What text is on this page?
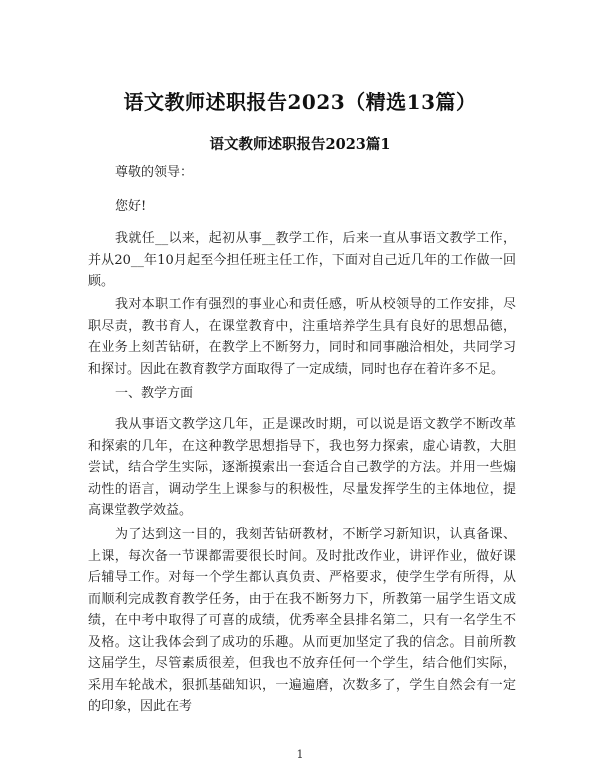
语文教师述职报告2023（精选13篇）
语文教师述职报告2023篇1

尊敬的领导：

您好!

我就任__以来，起初从事__教学工作，后来一直从事语文教学工作，并从20__年10月起至今担任班主任工作，下面对自己近几年的工作做一回顾。

我对本职工作有强烈的事业心和责任感，听从校领导的工作安排，尽职尽责，教书育人，在课堂教育中，注重培养学生具有良好的思想品德，在业务上刻苦钻研，在教学上不断努力，同时和同事融洽相处，共同学习和探讨。因此在教育教学方面取得了一定成绩，同时也存在着许多不足。

一、教学方面

我从事语文教学这几年，正是课改时期，可以说是语文教学不断改革和探索的几年，在这种教学思想指导下，我也努力探索，虚心请教，大胆尝试，结合学生实际，逐渐摸索出一套适合自己教学的方法。并用一些煽动性的语言，调动学生上课参与的积极性，尽量发挥学生的主体地位，提高课堂教学效益。

为了达到这一目的，我刻苦钻研教材，不断学习新知识，认真备课、上课，每次备一节课都需要很长时间。及时批改作业，讲评作业，做好课后辅导工作。对每一个学生都认真负责、严格要求，使学生学有所得，从而顺利完成教育教学任务，由于在我不断努力下，所教第一届学生语文成绩，在中考中取得了可喜的成绩，优秀率全县排名第二，只有一名学生不及格。这让我体会到了成功的乐趣。从而更加坚定了我的信念。目前所教这届学生，尽管素质很差，但我也不放弃任何一个学生，结合他们实际，采用车轮战术，狠抓基础知识，一遍遍磨，次数多了，学生自然会有一定的印象，因此在考

1
